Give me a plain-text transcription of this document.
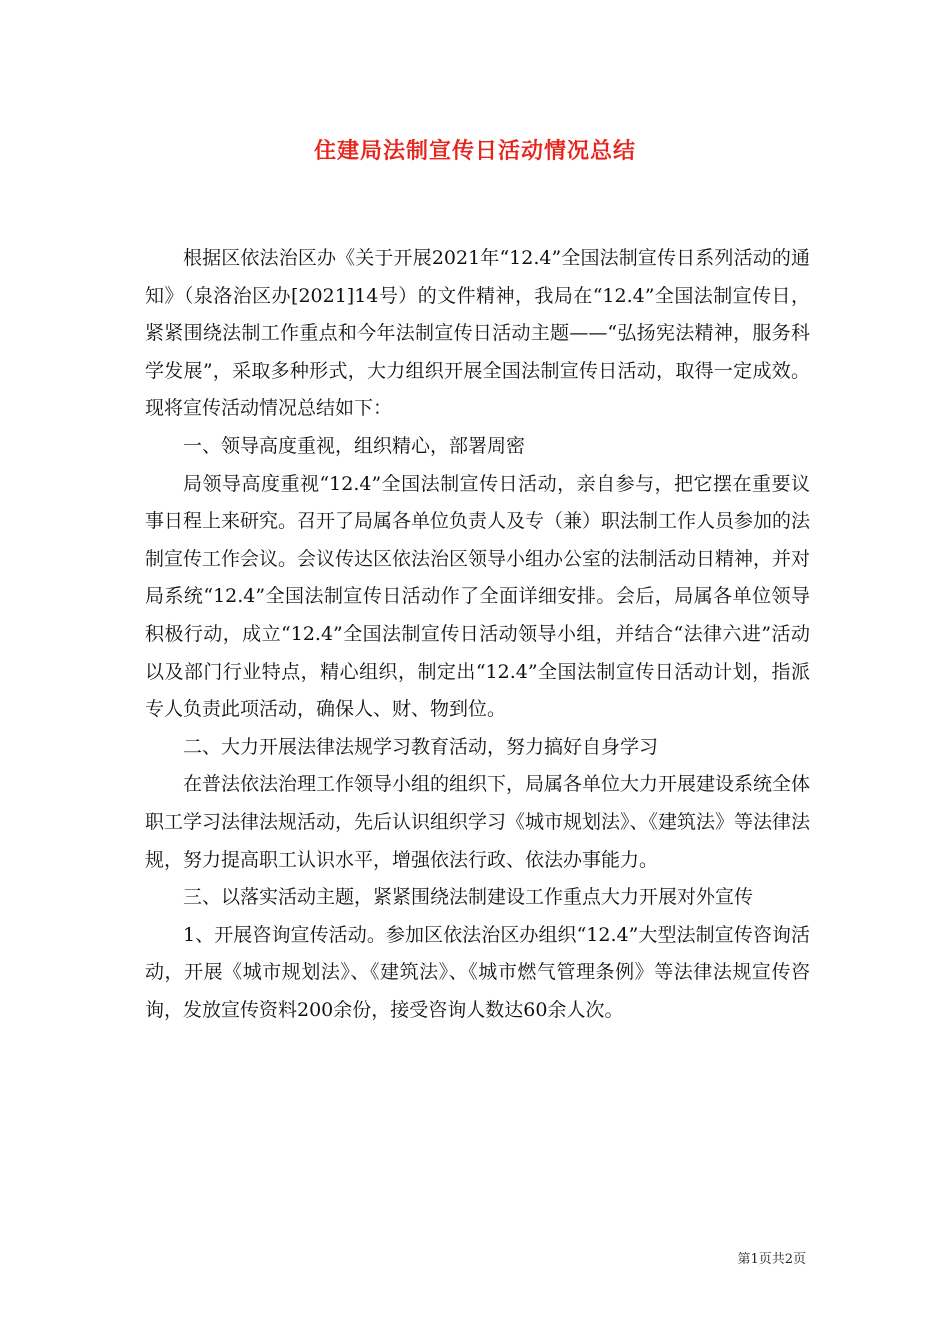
住建局法制宣传日活动情况总结

根据区依法治区办《关于开展2021年“12.4”全国法制宣传日系列活动的通知》（泉洛治区办[2021]14号）的文件精神，我局在“12.4”全国法制宣传日，紧紧围绕法制工作重点和今年法制宣传日活动主题——“弘扬宪法精神，服务科学发展”，采取多种形式，大力组织开展全国法制宣传日活动，取得一定成效。现将宣传活动情况总结如下：

一、领导高度重视，组织精心，部署周密

局领导高度重视“12.4”全国法制宣传日活动，亲自参与，把它摆在重要议事日程上来研究。召开了局属各单位负责人及专（兼）职法制工作人员参加的法制宣传工作会议。会议传达区依法治区领导小组办公室的法制活动日精神，并对局系统“12.4”全国法制宣传日活动作了全面详细安排。会后，局属各单位领导积极行动，成立“12.4”全国法制宣传日活动领导小组，并结合“法律六进”活动以及部门行业特点，精心组织，制定出“12.4”全国法制宣传日活动计划，指派专人负责此项活动，确保人、财、物到位。

二、大力开展法律法规学习教育活动，努力搞好自身学习

在普法依法治理工作领导小组的组织下，局属各单位大力开展建设系统全体职工学习法律法规活动，先后认识组织学习《城市规划法》、《建筑法》等法律法规，努力提高职工认识水平，增强依法行政、依法办事能力。

三、以落实活动主题，紧紧围绕法制建设工作重点大力开展对外宣传

1、开展咨询宣传活动。参加区依法治区办组织“12.4”大型法制宣传咨询活动，开展《城市规划法》、《建筑法》、《城市燃气管理条例》等法律法规宣传咨询，发放宣传资料200余份，接受咨询人数达60余人次。

第1页共2页
